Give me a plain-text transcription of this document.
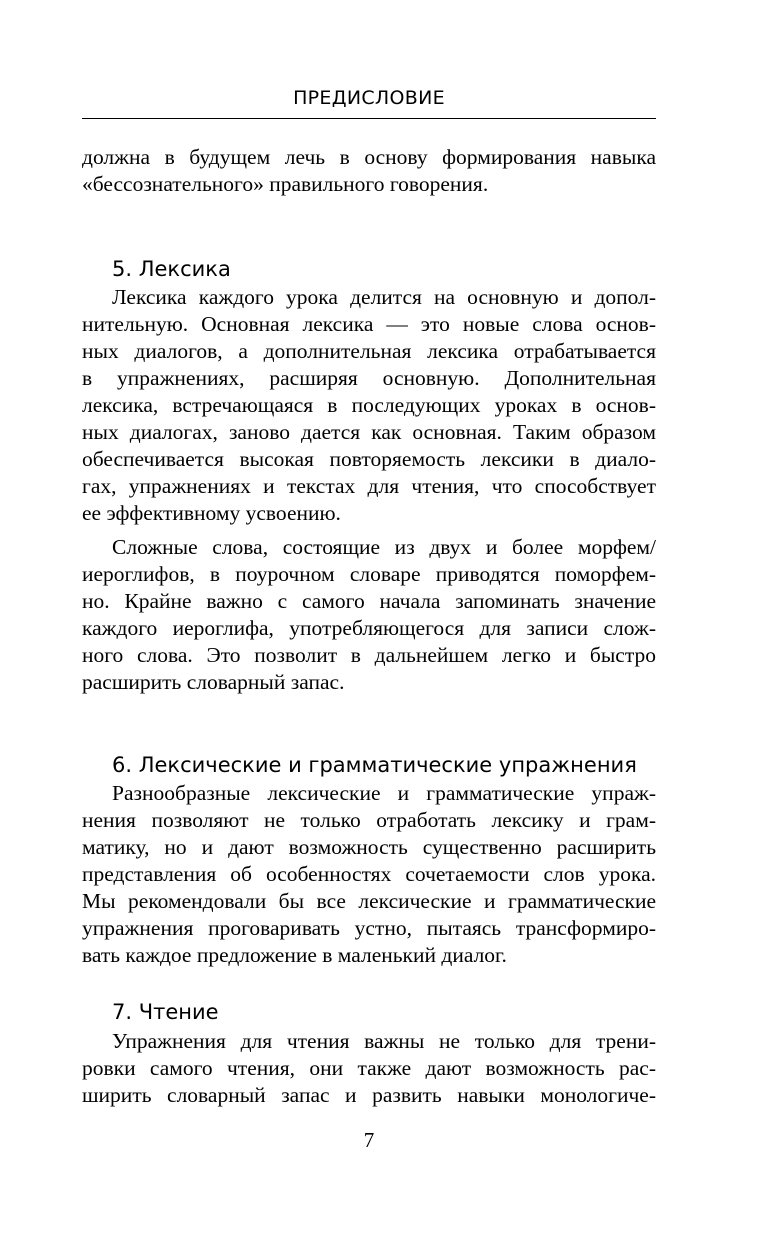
ПРЕДИСЛОВИЕ
должна в будущем лечь в основу формирования навыка
«бессознательного» правильного говорения.
5. Лексика
Лексика каждого урока делится на основную и допол-
нительную. Основная лексика — это новые слова основ-
ных диалогов, а дополнительная лексика отрабатывается
в упражнениях, расширяя основную. Дополнительная
лексика, встречающаяся в последующих уроках в основ-
ных диалогах, заново дается как основная. Таким образом
обеспечивается высокая повторяемость лексики в диало-
гах, упражнениях и текстах для чтения, что способствует
ее эффективному усвоению.
Сложные слова, состоящие из двух и более морфем/
иероглифов, в поурочном словаре приводятся поморфем-
но. Крайне важно с самого начала запоминать значение
каждого иероглифа, употребляющегося для записи слож-
ного слова. Это позволит в дальнейшем легко и быстро
расширить словарный запас.
6. Лексические и грамматические упражнения
Разнообразные лексические и грамматические упраж-
нения позволяют не только отработать лексику и грам-
матику, но и дают возможность существенно расширить
представления об особенностях сочетаемости слов урока.
Мы рекомендовали бы все лексические и грамматические
упражнения проговаривать устно, пытаясь трансформиро-
вать каждое предложение в маленький диалог.
7. Чтение
Упражнения для чтения важны не только для трени-
ровки самого чтения, они также дают возможность рас-
ширить словарный запас и развить навыки монологиче-
7
